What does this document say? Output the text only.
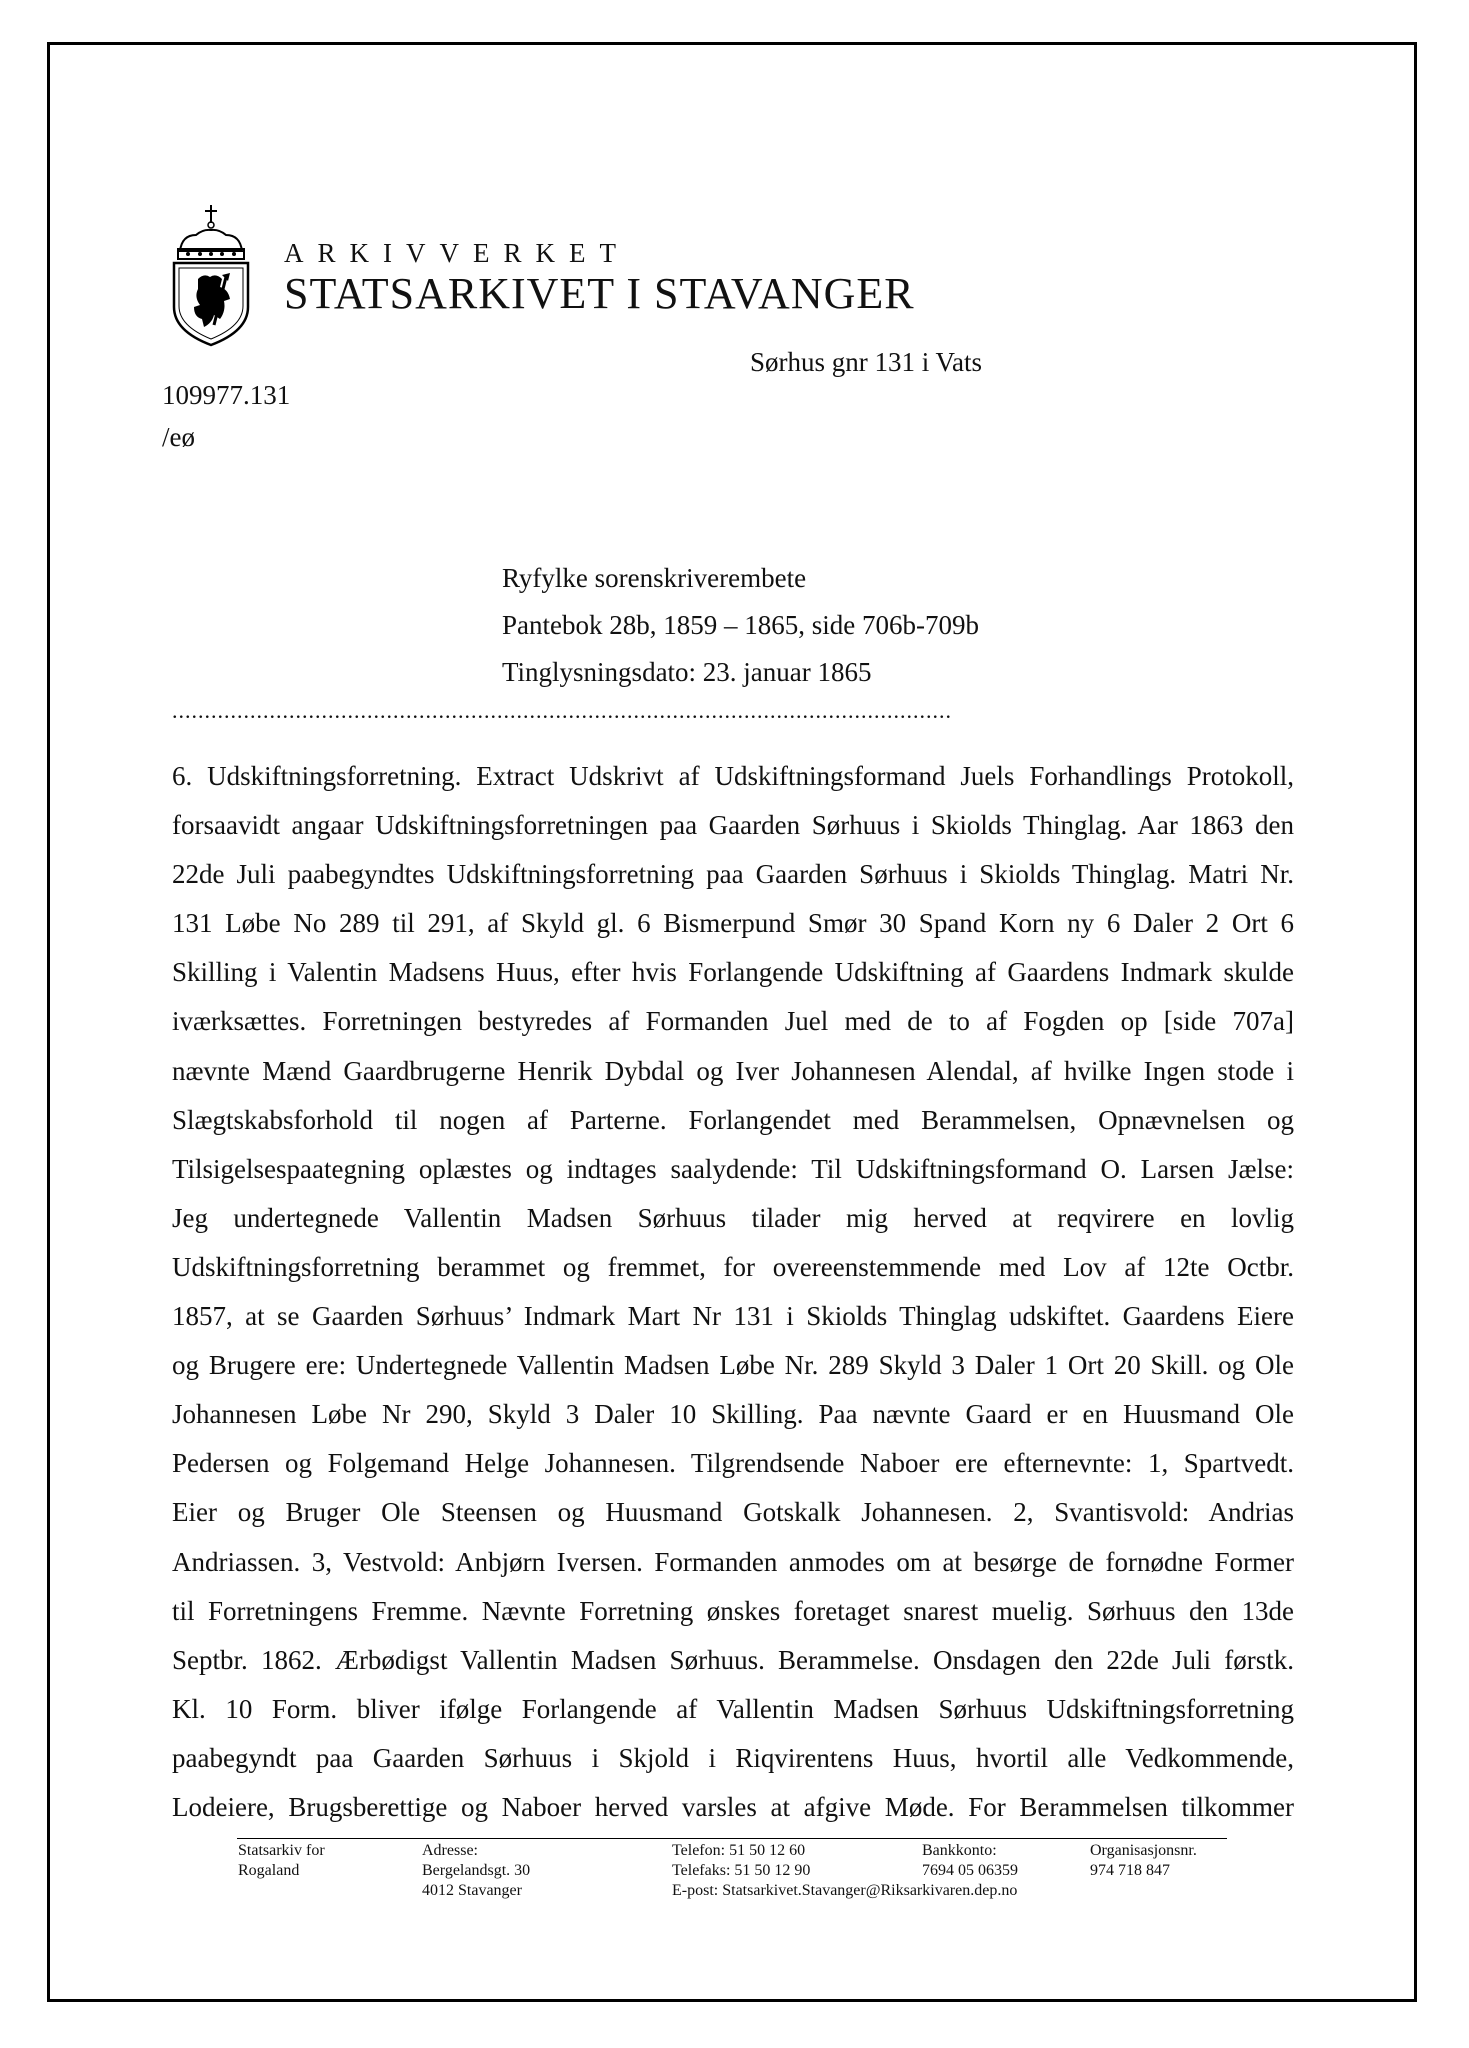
ARKIVVERKET
STATSARKIVET I STAVANGER
Sørhus gnr 131 i Vats
109977.131
/eø
Ryfylke sorenskriverembete
Pantebok 28b, 1859 – 1865, side 706b-709b
Tinglysningsdato: 23. januar 1865
........................................................................................................................
6. Udskiftningsforretning. Extract Udskrivt af Udskiftningsformand Juels Forhandlings Protokoll,
forsaavidt angaar Udskiftningsforretningen paa Gaarden Sørhuus i Skiolds Thinglag. Aar 1863 den
22de Juli paabegyndtes Udskiftningsforretning paa Gaarden Sørhuus i Skiolds Thinglag. Matri Nr.
131 Løbe No 289 til 291, af Skyld gl. 6 Bismerpund Smør 30 Spand Korn ny 6 Daler 2 Ort 6
Skilling i Valentin Madsens Huus, efter hvis Forlangende Udskiftning af Gaardens Indmark skulde
iværksættes. Forretningen bestyredes af Formanden Juel med de to af Fogden op [side 707a]
nævnte Mænd Gaardbrugerne Henrik Dybdal og Iver Johannesen Alendal, af hvilke Ingen stode i
Slægtskabsforhold til nogen af Parterne. Forlangendet med Berammelsen, Opnævnelsen og
Tilsigelsespaategning oplæstes og indtages saalydende: Til Udskiftningsformand O. Larsen Jælse:
Jeg undertegnede Vallentin Madsen Sørhuus tilader mig herved at reqvirere en lovlig
Udskiftningsforretning berammet og fremmet, for overeenstemmende med Lov af 12te Octbr.
1857, at se Gaarden Sørhuus’ Indmark Mart Nr 131 i Skiolds Thinglag udskiftet. Gaardens Eiere
og Brugere ere: Undertegnede Vallentin Madsen Løbe Nr. 289 Skyld 3 Daler 1 Ort 20 Skill. og Ole
Johannesen Løbe Nr 290, Skyld 3 Daler 10 Skilling. Paa nævnte Gaard er en Huusmand Ole
Pedersen og Folgemand Helge Johannesen. Tilgrendsende Naboer ere efternevnte: 1, Spartvedt.
Eier og Bruger Ole Steensen og Huusmand Gotskalk Johannesen. 2, Svantisvold: Andrias
Andriassen. 3, Vestvold: Anbjørn Iversen. Formanden anmodes om at besørge de fornødne Former
til Forretningens Fremme. Nævnte Forretning ønskes foretaget snarest muelig. Sørhuus den 13de
Septbr. 1862. Ærbødigst Vallentin Madsen Sørhuus. Berammelse. Onsdagen den 22de Juli førstk.
Kl. 10 Form. bliver ifølge Forlangende af Vallentin Madsen Sørhuus Udskiftningsforretning
paabegyndt paa Gaarden Sørhuus i Skjold i Riqvirentens Huus, hvortil alle Vedkommende,
Lodeiere, Brugsberettige og Naboer herved varsles at afgive Møde. For Berammelsen tilkommer
Statsarkiv for
Rogaland
Adresse:
Bergelandsgt. 30
4012 Stavanger
Telefon: 51 50 12 60
Telefaks: 51 50 12 90
E-post: Statsarkivet.Stavanger@Riksarkivaren.dep.no
Bankkonto:
7694 05 06359
Organisasjonsnr.
974 718 847
